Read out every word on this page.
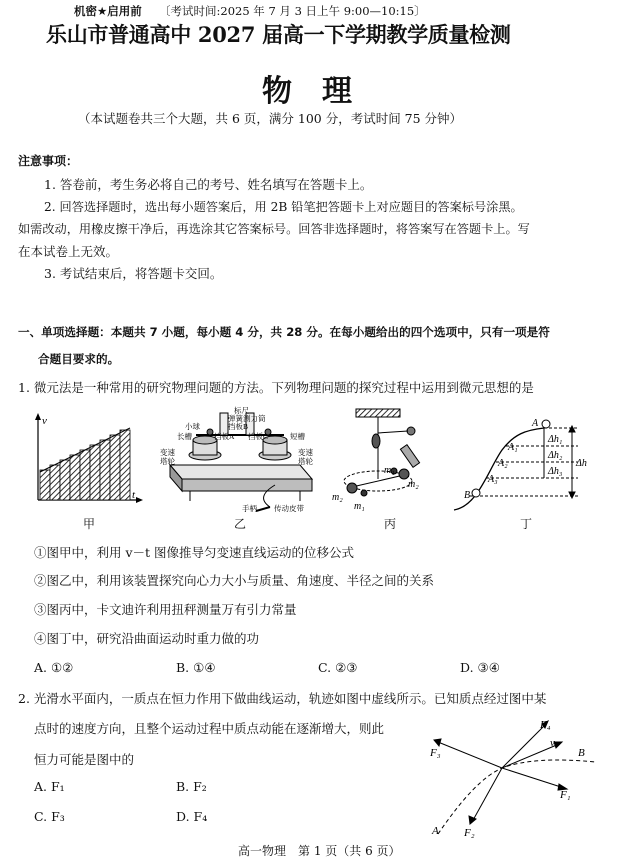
机密★启用前 〔考试时间:2025 年 7 月 3 日上午 9:00—10:15〕
乐山市普通高中 2027 届高一下学期教学质量检测
物　理
（本试题卷共三个大题，共 6 页，满分 100 分，考试时间 75 分钟）
注意事项：
1. 答卷前，考生务必将自己的考号、姓名填写在答题卡上。
2. 回答选择题时，选出每小题答案后，用 2B 铅笔把答题卡上对应题目的答案标号涂黑。
如需改动，用橡皮擦干净后，再选涂其它答案标号。回答非选择题时，将答案写在答题卡上。写
在本试卷上无效。
3. 考试结束后，将答题卡交回。
一、单项选择题：本题共 7 小题，每小题 4 分，共 28 分。在每小题给出的四个选项中，只有一项是符
合题目要求的。
1. 微元法是一种常用的研究物理问题的方法。下列物理问题的探究过程中运用到微元思想的是
v
t
甲
标尺
弹簧测力筒
小球
长槽
挡板B
挡板A 挡板C	短槽
变速
塔轮
变速
塔轮
手柄 传动皮带
乙
m₁
m₂
m₂
m₁
丙
A
A₁
A₂
A₃
B
Δh₁
Δh₂
Δh₃
Δh
丁
①图甲中，利用 v－t 图像推导匀变速直线运动的位移公式
②图乙中，利用该装置探究向心力大小与质量、角速度、半径之间的关系
③图丙中，卡文迪许利用扭秤测量万有引力常量
④图丁中，研究沿曲面运动时重力做的功
A. ①②	B. ①④	C. ②③	D. ③④
2. 光滑水平面内，一质点在恒力作用下做曲线运动，轨迹如图中虚线所示。已知质点经过图中某
点时的速度方向，且整个运动过程中质点动能在逐渐增大，则此
恒力可能是图中的
A. F₁	B. F₂
C. F₃	D. F₄
F₄
v
B
F₃
F₁
A F₂
高一物理　第 1 页（共 6 页）
